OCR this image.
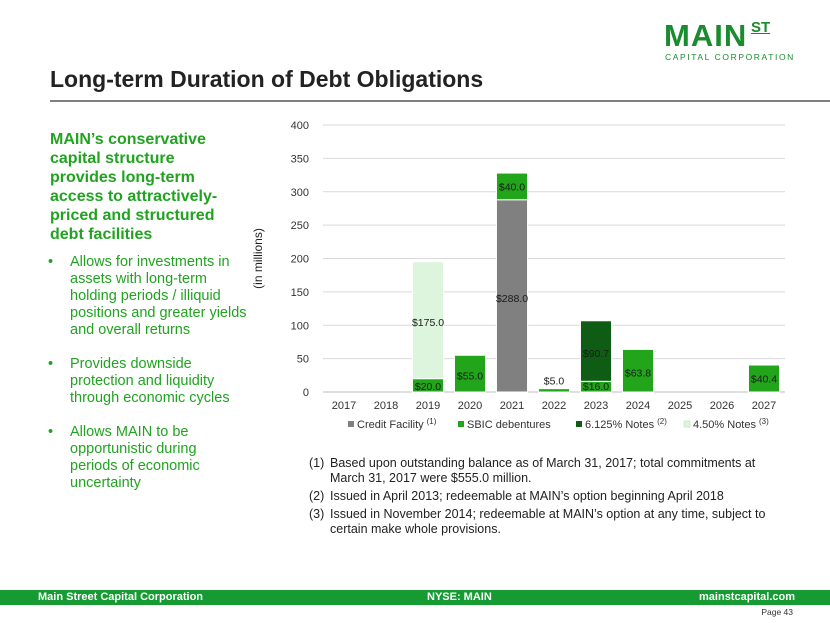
MAIN ST
CAPITAL CORPORATION
Long-term Duration of Debt Obligations
MAIN’s conservative capital structure provides long-term access to attractively-priced and structured debt facilities
• Allows for investments in assets with long-term holding periods / illiquid positions and greater yields and overall returns
• Provides downside protection and liquidity through economic cycles
• Allows MAIN to be opportunistic during periods of economic uncertainty
0
50
100
150
200
250
300
350
400
(in millions)
2017 2018 2019 2020 2021 2022 2023 2024 2025 2026 2027
$288.0
$20.0
$55.0
$40.0
$5.0 $16.0
$63.8	$40.4
$90.7
$175.0
Credit Facility $^{(1)}$	SBIC debentures	6.125% Notes $^{(2)}$ 4.50% Notes $^{(3)}$
(1) Based upon outstanding balance as of March 31, 2017; total commitments at March 31, 2017 were $555.0 million.
(2) Issued in April 2013; redeemable at MAIN’s option beginning April 2018
(3) Issued in November 2014; redeemable at MAIN’s option at any time, subject to certain make whole provisions.
Main Street Capital Corporation	NYSE: MAIN	mainstcapital.com
Page 43
